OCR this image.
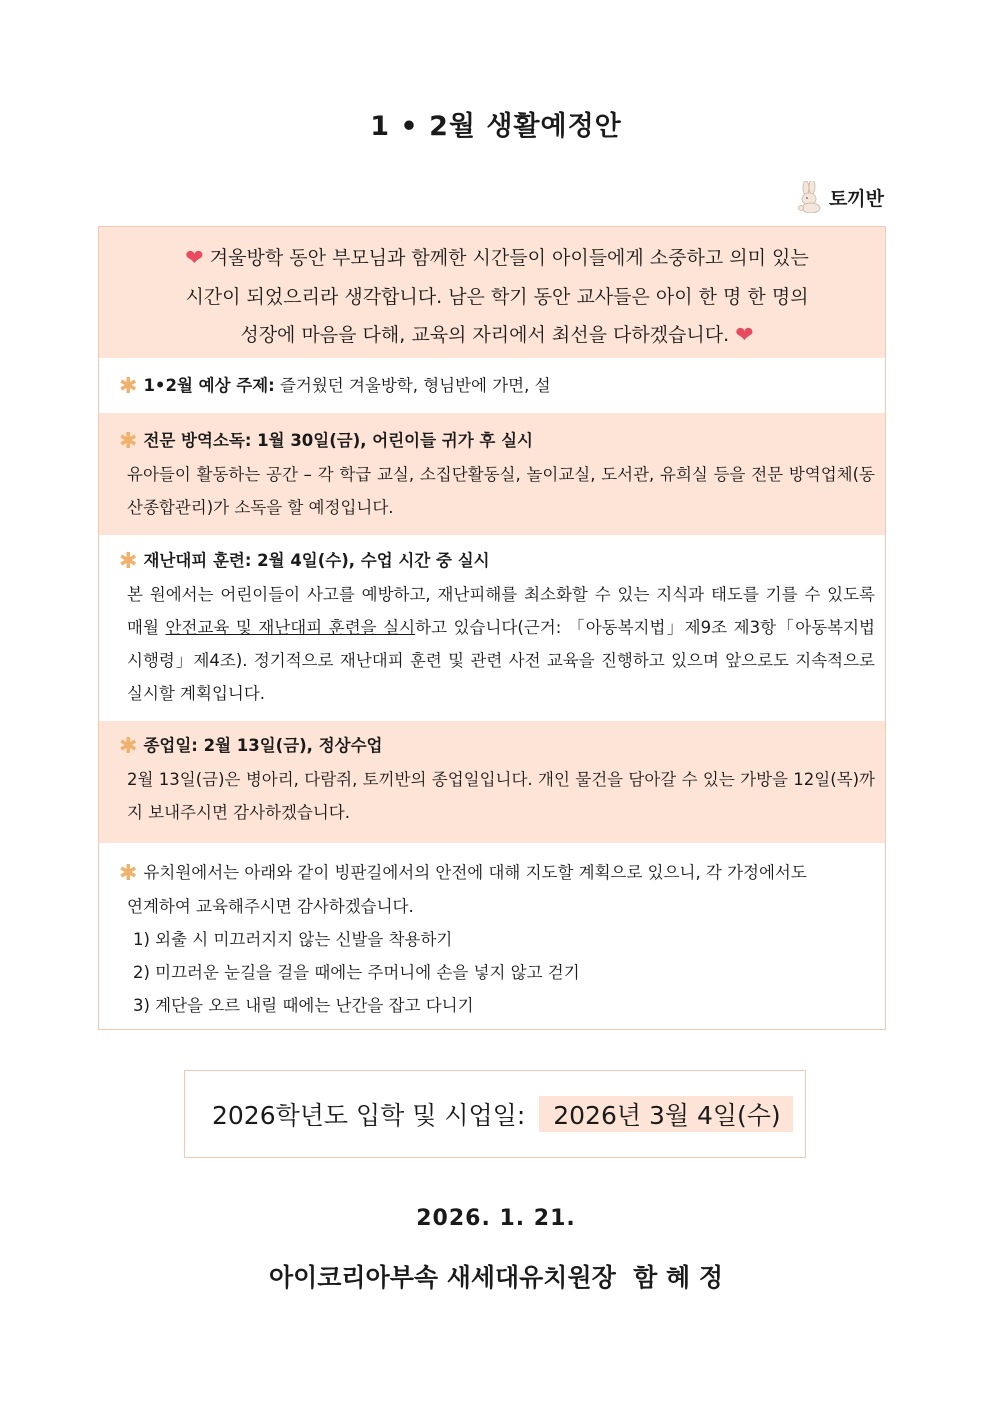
1 • 2월 생활예정안
토끼반

❤ 겨울방학 동안 부모님과 함께한 시간들이 아이들에게 소중하고 의미 있는

시간이 되었으리라 생각합니다. 남은 학기 동안 교사들은 아이 한 명 한 명의

성장에 마음을 다해, 교육의 자리에서 최선을 다하겠습니다. ❤

✱ 1•2월 예상 주제: 즐거웠던 겨울방학, 형님반에 가면, 설
✱ 전문 방역소독: 1월 30일(금), 어린이들 귀가 후 실시
유아들이 활동하는 공간 – 각 학급 교실, 소집단활동실, 놀이교실, 도서관, 유희실 등을 전문 방역업체(동산종합관리)가 소독을 할 예정입니다.
✱ 재난대피 훈련: 2월 4일(수), 수업 시간 중 실시
본 원에서는 어린이들이 사고를 예방하고, 재난피해를 최소화할 수 있는 지식과 태도를 기를 수 있도록 매월 안전교육 및 재난대피 훈련을 실시하고 있습니다(근거: 「아동복지법」제9조 제3항「아동복지법 시행령」제4조). 정기적으로 재난대피 훈련 및 관련 사전 교육을 진행하고 있으며 앞으로도 지속적으로 실시할 계획입니다.
✱ 종업일: 2월 13일(금), 정상수업
2월 13일(금)은 병아리, 다람쥐, 토끼반의 종업일입니다. 개인 물건을 담아갈 수 있는 가방을 12일(목)까지 보내주시면 감사하겠습니다.
✱ 유치원에서는 아래와 같이 빙판길에서의 안전에 대해 지도할 계획으로 있으니, 각 가정에서도
연계하여 교육해주시면 감사하겠습니다.
1) 외출 시 미끄러지지 않는 신발을 착용하기
2) 미끄러운 눈길을 걸을 때에는 주머니에 손을 넣지 않고 걷기
3) 계단을 오르 내릴 때에는 난간을 잡고 다니기
2026학년도 입학 및 시업일:	2026년 3월 4일(수)
2026. 1. 21.
아이코리아부속 새세대유치원장  함 혜 정
